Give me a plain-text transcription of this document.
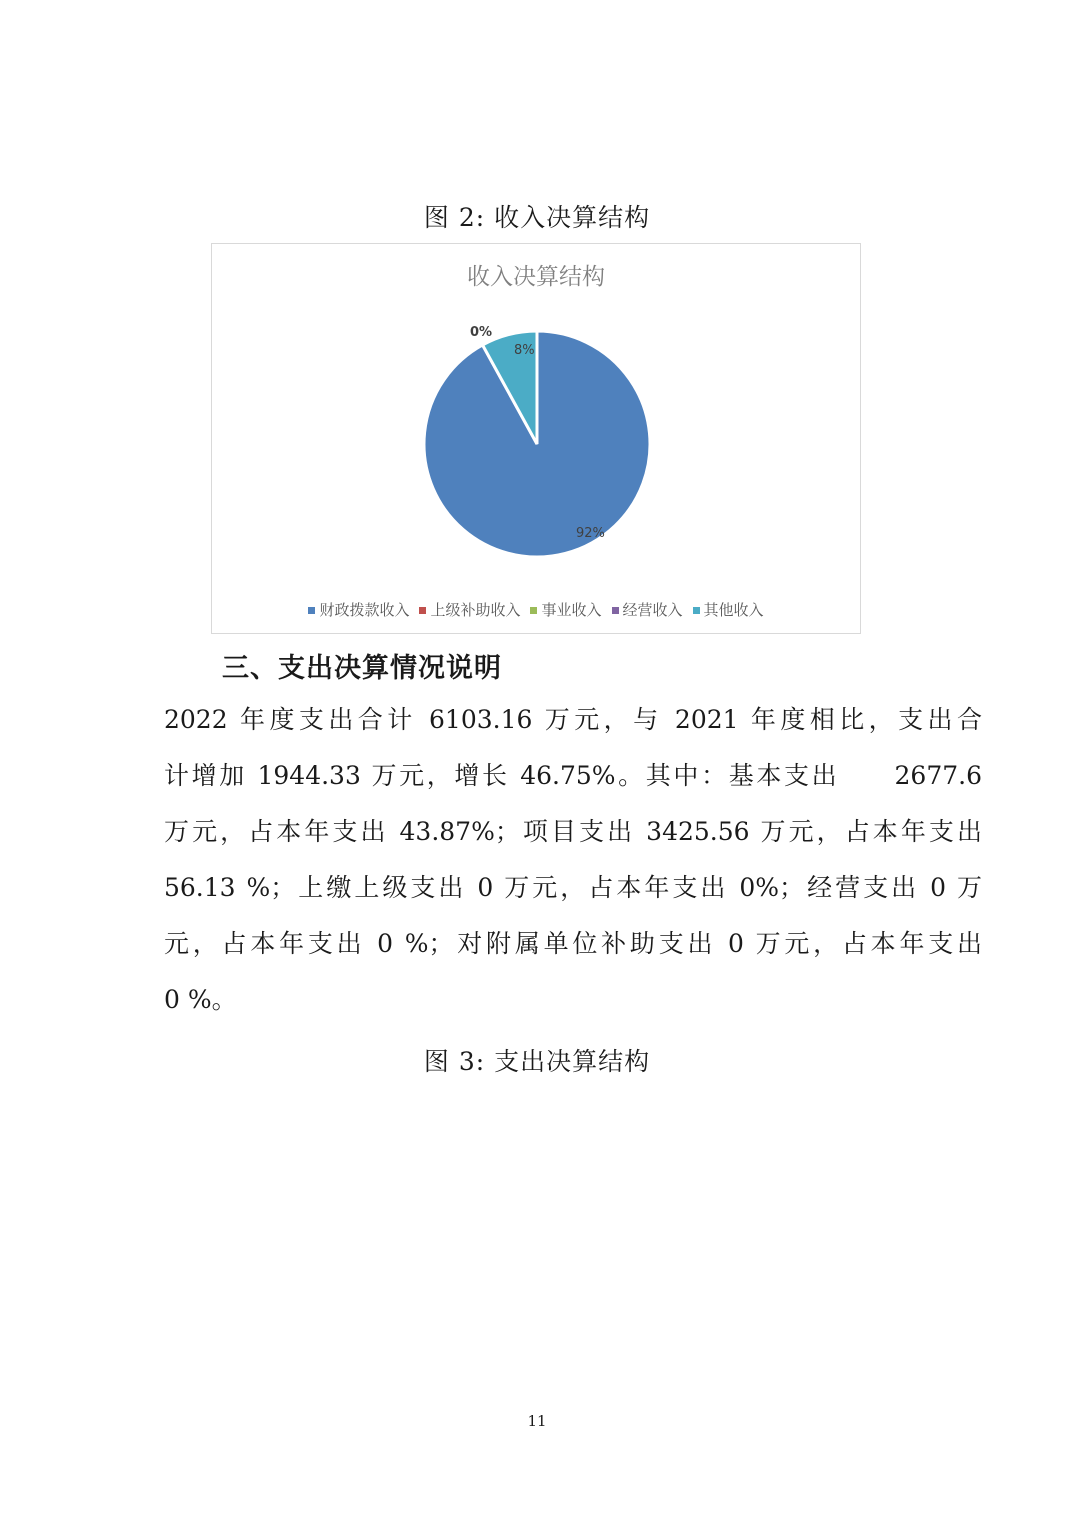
图 2: 收入决算结构
收入决算结构
92%
0%
8%
财政拨款收入 上级补助收入 事业收入 经营收入 其他收入
三、支出决算情况说明
2022 年度支出合计 6103.16 万元，与 2021 年度相比，支出合
计增加 1944.33 万元，增长 46.75%。其中：基本支出　　2677.6
万元，占本年支出 43.87%；项目支出 3425.56 万元，占本年支出
56.13 %；上缴上级支出 0 万元，占本年支出 0%；经营支出 0 万
元，占本年支出 0 %；对附属单位补助支出 0 万元，占本年支出
0 %。
图 3: 支出决算结构
11
